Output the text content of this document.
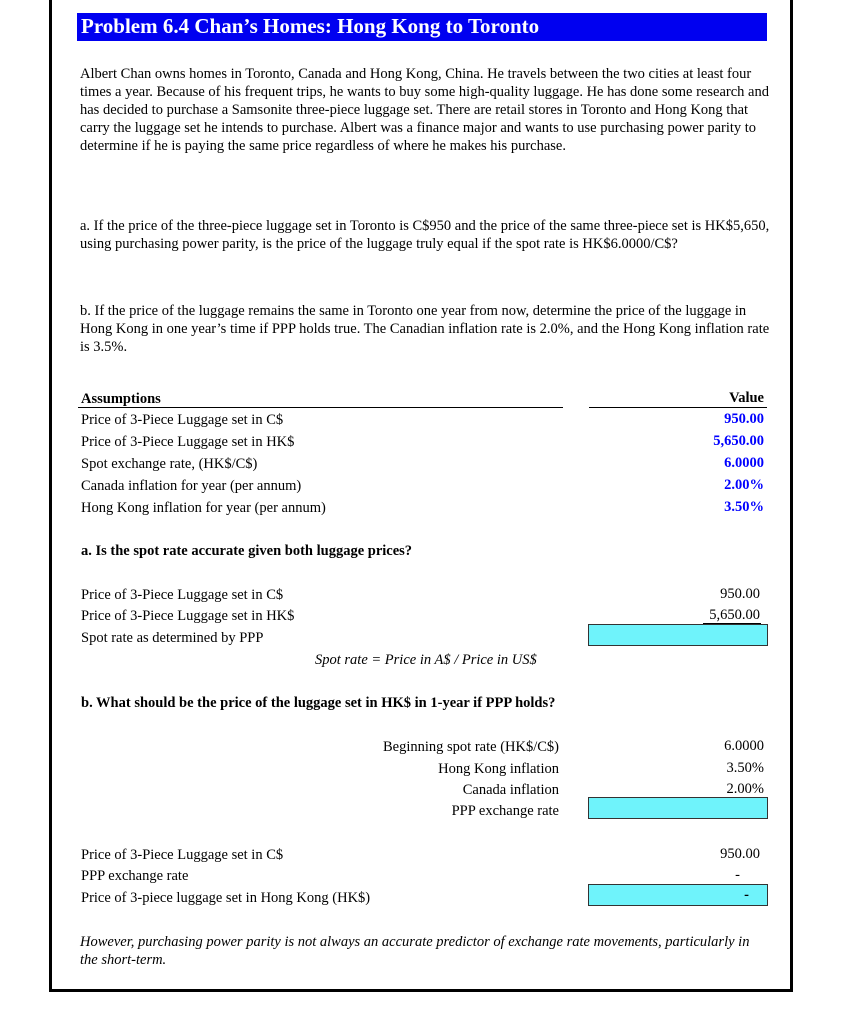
Problem 6.4 Chan’s Homes: Hong Kong to Toronto
Albert Chan owns homes in Toronto, Canada and Hong Kong, China. He travels between the two cities at least four times a year. Because of his frequent trips, he wants to buy some high-quality luggage. He has done some research and has decided to purchase a Samsonite three-piece luggage set. There are retail stores in Toronto and Hong Kong that carry the luggage set he intends to purchase. Albert was a finance major and wants to use purchasing power parity to determine if he is paying the same price regardless of where he makes his purchase.
a. If the price of the three-piece luggage set in Toronto is C$950 and the price of the same three-piece set is HK$5,650, using purchasing power parity, is the price of the luggage truly equal if the spot rate is HK$6.0000/C$?
b. If the price of the luggage remains the same in Toronto one year from now, determine the price of the luggage in Hong Kong in one year’s time if PPP holds true. The Canadian inflation rate is 2.0%, and the Hong Kong inflation rate is 3.5%.
Assumptions	Value
Price of 3-Piece Luggage set in C$	950.00
Price of 3-Piece Luggage set in HK$	5,650.00
Spot exchange rate, (HK$/C$)	6.0000
Canada inflation for year (per annum)	2.00%
Hong Kong inflation for year (per annum)	3.50%
a. Is the spot rate accurate given both luggage prices?
Price of 3-Piece Luggage set in C$	950.00
Price of 3-Piece Luggage set in HK$	5,650.00
Spot rate as determined by PPP
Spot rate = Price in A$ / Price in US$
b. What should be the price of the luggage set in HK$ in 1-year if PPP holds?
Beginning spot rate (HK$/C$)	6.0000
Hong Kong inflation	3.50%
Canada inflation	2.00%
PPP exchange rate
Price of 3-Piece Luggage set in C$	950.00
PPP exchange rate	-
Price of 3-piece luggage set in Hong Kong (HK$)	-
However, purchasing power parity is not always an accurate predictor of exchange rate movements, particularly in the short-term.
